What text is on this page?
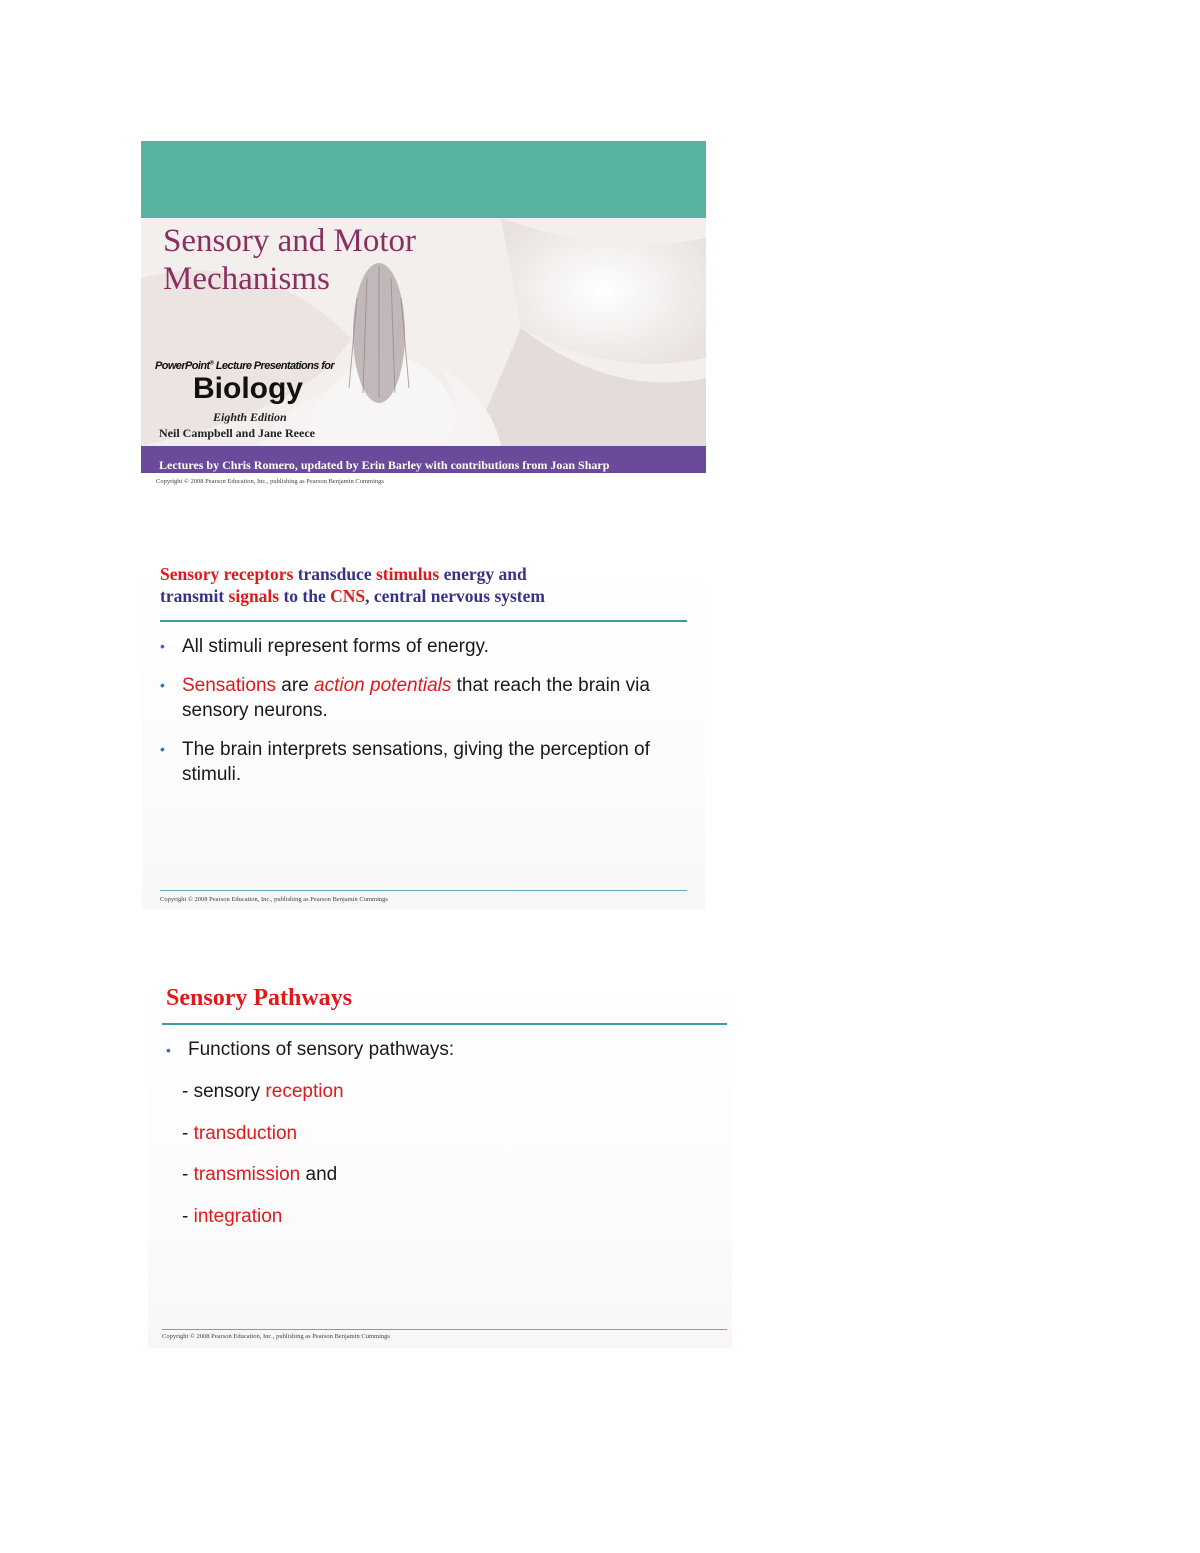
Sensory and Motor
Mechanisms
PowerPoint® Lecture Presentations for
Biology
Eighth Edition
Neil Campbell and Jane Reece
Lectures by Chris Romero, updated by Erin Barley with contributions from Joan Sharp
Copyright © 2008 Pearson Education, Inc., publishing as Pearson Benjamin Cummings
Sensory receptors transduce stimulus energy and
transmit signals to the CNS, central nervous system
• All stimuli represent forms of energy.
• Sensations are action potentials that reach the brain via sensory neurons.
• The brain interprets sensations, giving the perception of stimuli.
Copyright © 2008 Pearson Education, Inc., publishing as Pearson Benjamin Cummings
Sensory Pathways
• Functions of sensory pathways:
- sensory reception
- transduction
- transmission and
- integration
Copyright © 2008 Pearson Education, Inc., publishing as Pearson Benjamin Cummings
